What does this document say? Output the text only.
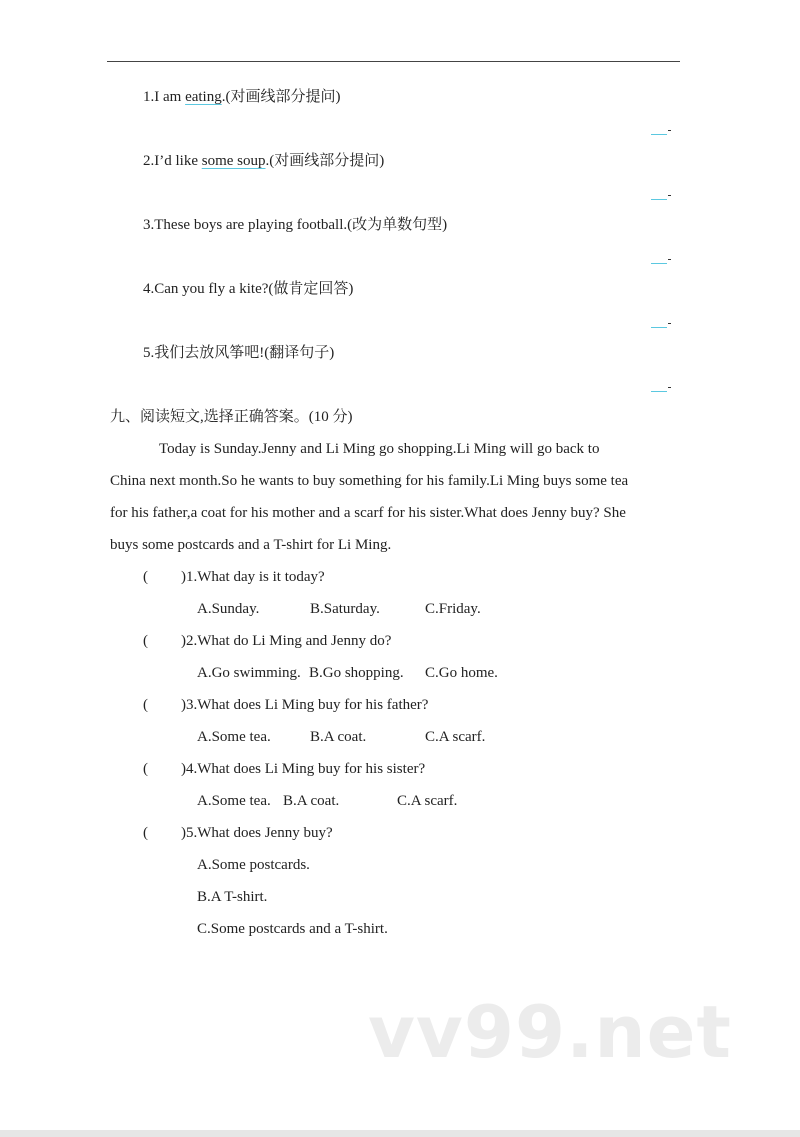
1.I am eating.(对画线部分提问)
2.I’d like some soup.(对画线部分提问)
3.These boys are playing football.(改为单数句型)
4.Can you fly a kite?(做肯定回答)
5.我们去放风筝吧!(翻译句子)
九、阅读短文,选择正确答案。(10 分)
Today is Sunday.Jenny and Li Ming go shopping.Li Ming will go back to
China next month.So he wants to buy something for his family.Li Ming buys some tea
for his father,a coat for his mother and a scarf for his sister.What does Jenny buy? She
buys some postcards and a T-shirt for Li Ming.
( )1.What day is it today?
A.Sunday.	B.Saturday.	C.Friday.
( )2.What do Li Ming and Jenny do?
A.Go swimming. B.Go shopping. C.Go home.
( )3.What does Li Ming buy for his father?
A.Some tea.	B.A coat.	C.A scarf.
( )4.What does Li Ming buy for his sister?
A.Some tea. B.A coat.	C.A scarf.
( )5.What does Jenny buy?
A.Some postcards.
B.A T-shirt.
C.Some postcards and a T-shirt.
vv99.net
